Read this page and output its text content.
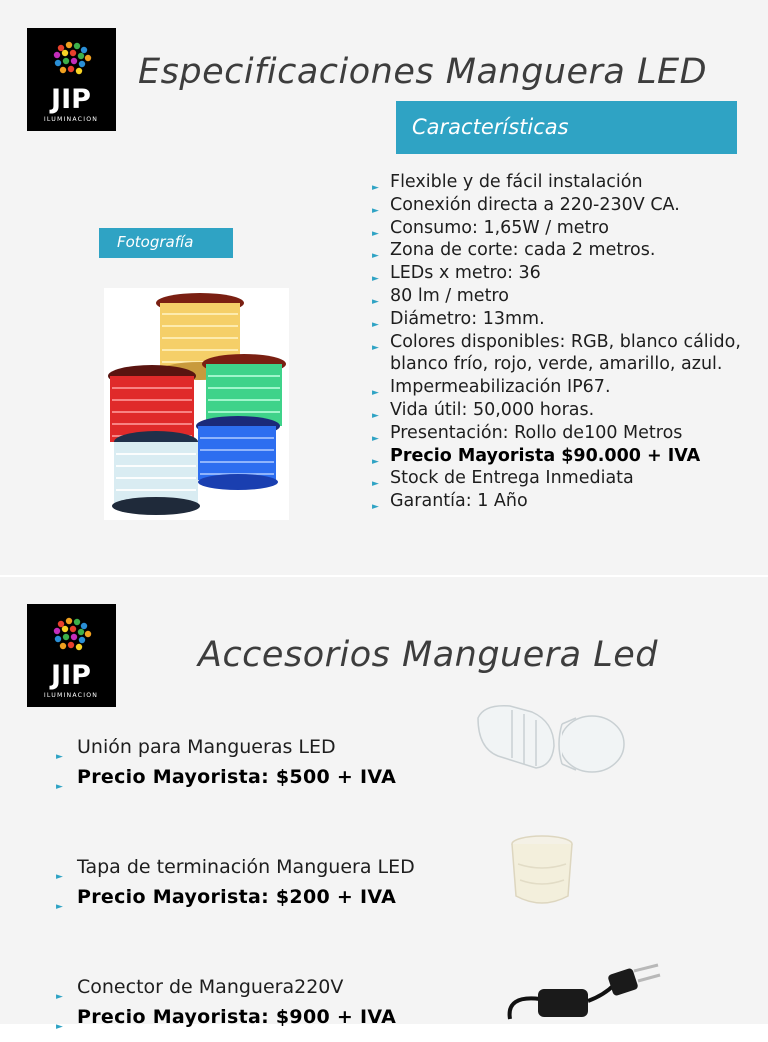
JIP
ILUMINACION
Especificaciones Manguera LED
Características
Fotografía
► Flexible y de fácil instalación
► Conexión directa a 220-230V CA.
► Consumo: 1,65W / metro
► Zona de corte: cada 2 metros.
► LEDs x metro: 36
► 80 lm / metro
► Diámetro: 13mm.
► Colores disponibles: RGB, blanco cálido, blanco frío, rojo, verde, amarillo, azul.
► Impermeabilización IP67.
► Vida útil: 50,000 horas.
► Presentación: Rollo de100 Metros
► Precio Mayorista $90.000 + IVA
► Stock de Entrega Inmediata
► Garantía: 1 Año
JIP
ILUMINACION
Accesorios Manguera Led
► Unión para Mangueras LED
► Precio Mayorista: $500 + IVA
► Tapa de terminación Manguera LED
► Precio Mayorista: $200 + IVA
► Conector de Manguera220V
► Precio Mayorista: $900 + IVA
